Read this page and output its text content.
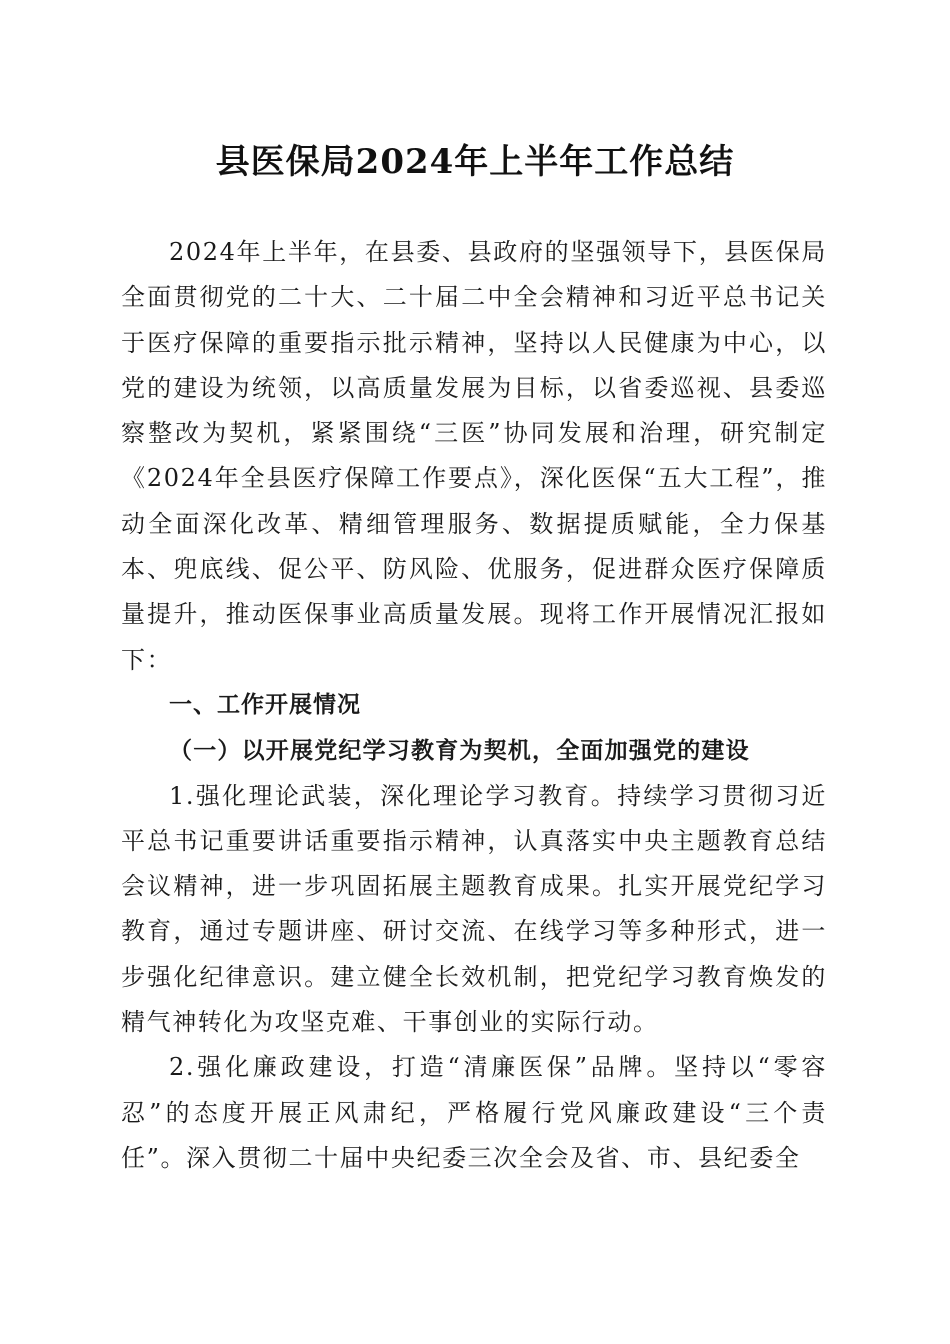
县医保局2024年上半年工作总结

2024年上半年，在县委、县政府的坚强领导下，县医保局全面贯彻党的二十大、二十届二中全会精神和习近平总书记关于医疗保障的重要指示批示精神，坚持以人民健康为中心，以党的建设为统领，以高质量发展为目标，以省委巡视、县委巡察整改为契机，紧紧围绕“三医”协同发展和治理，研究制定《2024年全县医疗保障工作要点》，深化医保“五大工程”，推动全面深化改革、精细管理服务、数据提质赋能，全力保基本、兜底线、促公平、防风险、优服务，促进群众医疗保障质量提升，推动医保事业高质量发展。现将工作开展情况汇报如下：

一、工作开展情况

（一）以开展党纪学习教育为契机，全面加强党的建设

1.强化理论武装，深化理论学习教育。持续学习贯彻习近平总书记重要讲话重要指示精神，认真落实中央主题教育总结会议精神，进一步巩固拓展主题教育成果。扎实开展党纪学习教育，通过专题讲座、研讨交流、在线学习等多种形式，进一步强化纪律意识。建立健全长效机制，把党纪学习教育焕发的精气神转化为攻坚克难、干事创业的实际行动。

2.强化廉政建设，打造“清廉医保”品牌。坚持以“零容忍”的态度开展正风肃纪，严格履行党风廉政建设“三个责任”。深入贯彻二十届中央纪委三次全会及省、市、县纪委全
